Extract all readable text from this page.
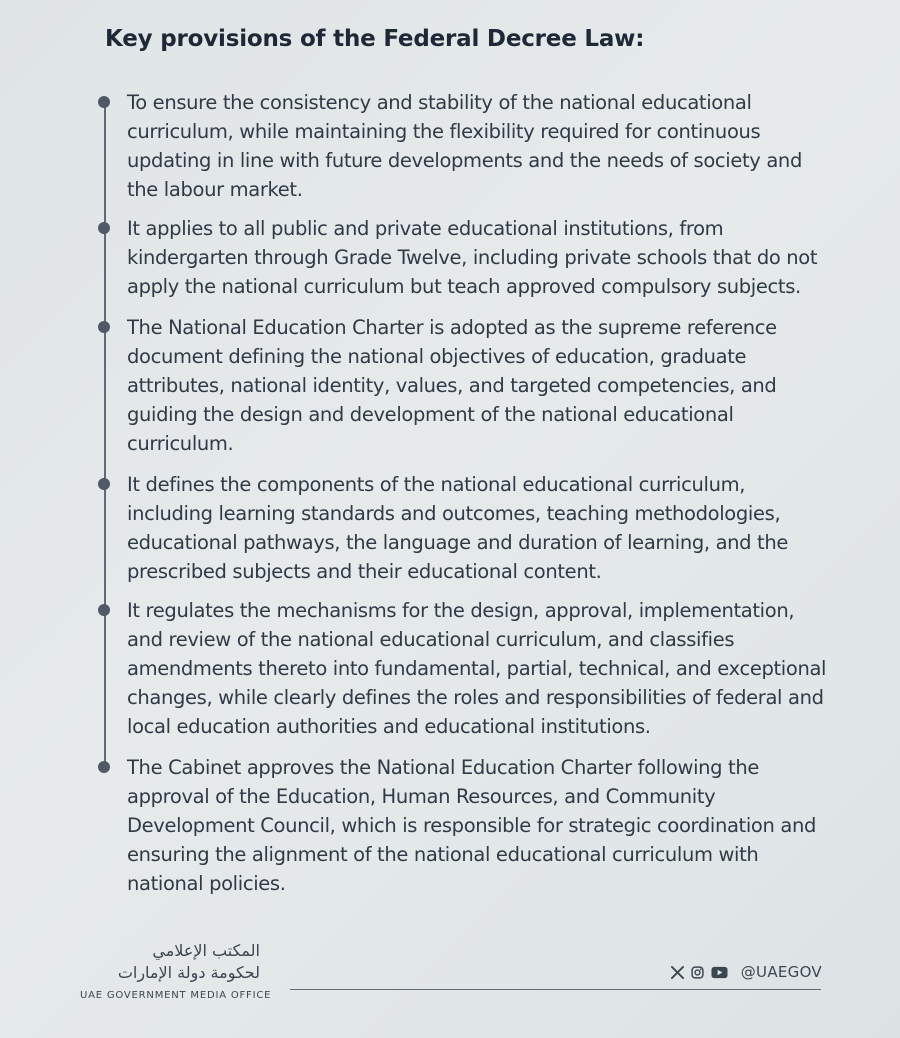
Key provisions of the Federal Decree Law:

To ensure the consistency and stability of the national educational curriculum, while maintaining the flexibility required for continuous updating in line with future developments and the needs of society and the labour market.

It applies to all public and private educational institutions, from kindergarten through Grade Twelve, including private schools that do not apply the national curriculum but teach approved compulsory subjects.

The National Education Charter is adopted as the supreme reference document defining the national objectives of education, graduate attributes, national identity, values, and targeted competencies, and guiding the design and development of the national educational curriculum.

It defines the components of the national educational curriculum, including learning standards and outcomes, teaching methodologies, educational pathways, the language and duration of learning, and the prescribed subjects and their educational content.

It regulates the mechanisms for the design, approval, implementation, and review of the national educational curriculum, and classifies amendments thereto into fundamental, partial, technical, and exceptional changes, while clearly defines the roles and responsibilities of federal and local education authorities and educational institutions.

The Cabinet approves the National Education Charter following the approval of the Education, Human Resources, and Community Development Council, which is responsible for strategic coordination and ensuring the alignment of the national educational curriculum with national policies.

المكتب الإعلامي
لحكومة دولة الإمارات
UAE GOVERNMENT MEDIA OFFICE
@UAEGOV
